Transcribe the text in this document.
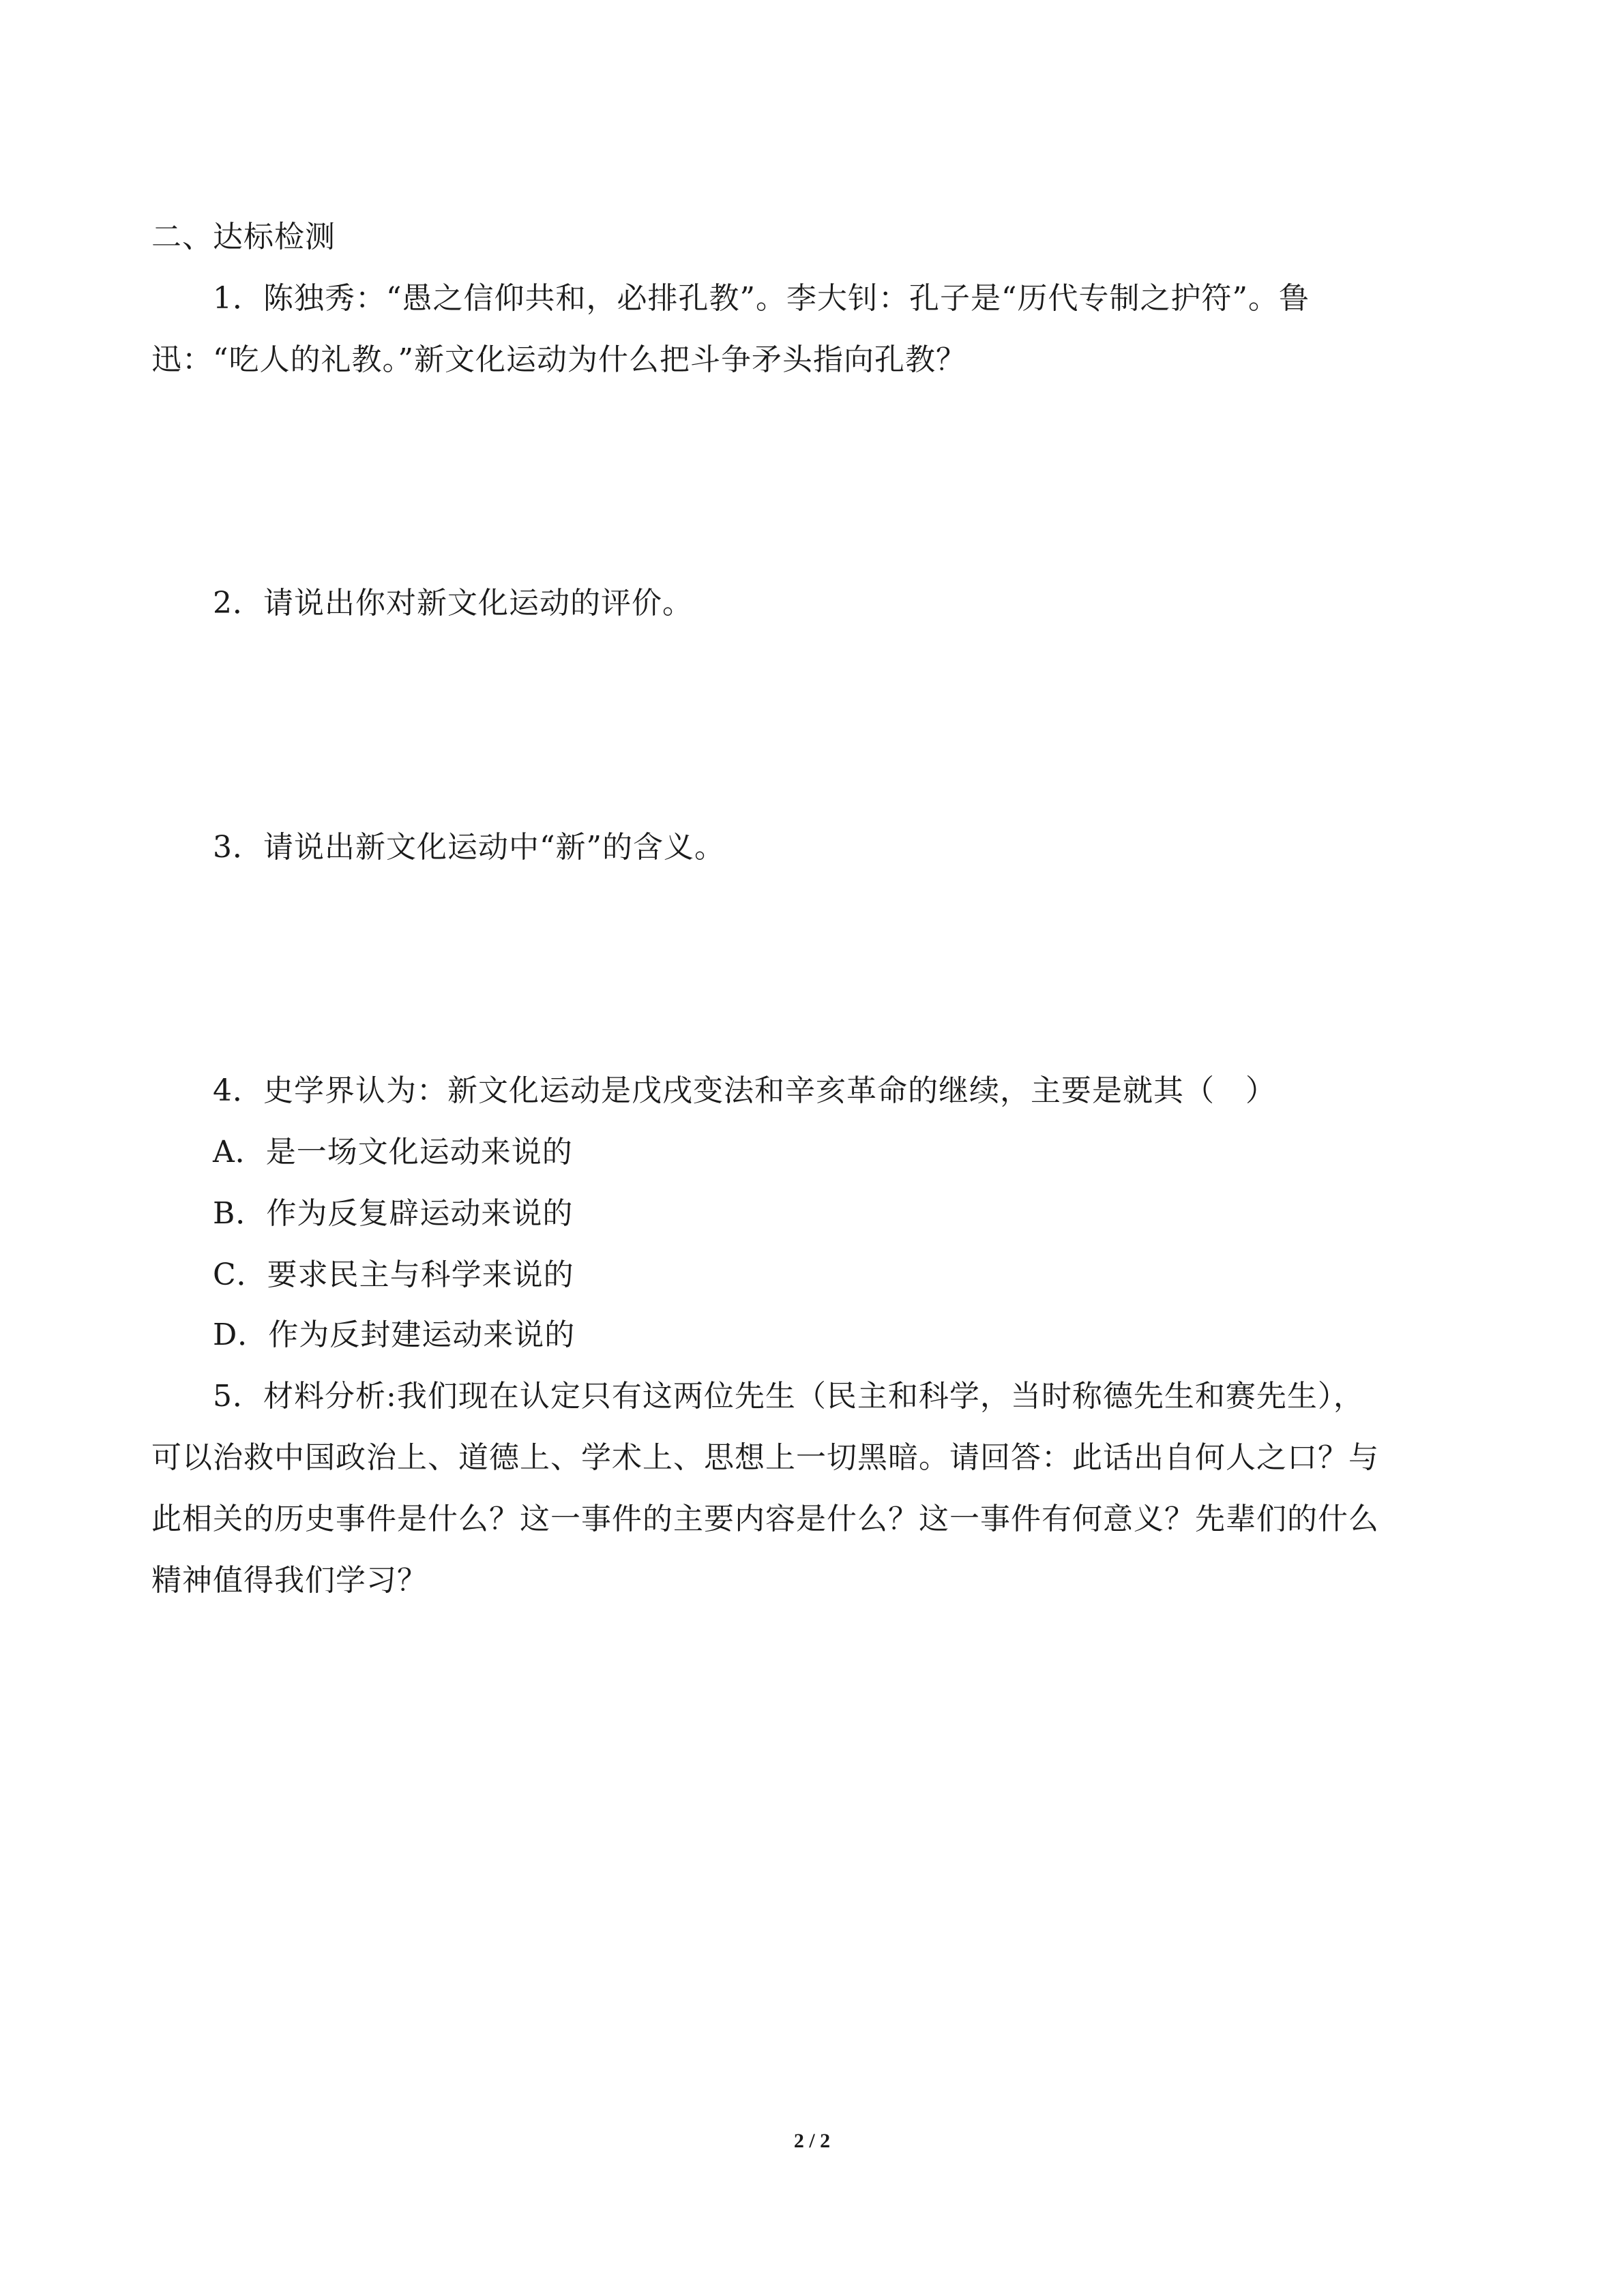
二、达标检测
1．陈独秀：“愚之信仰共和，必排孔教”。李大钊：孔子是“历代专制之护符”。鲁
迅：“吃人的礼教。”新文化运动为什么把斗争矛头指向孔教？
2．请说出你对新文化运动的评价。
3．请说出新文化运动中“新”的含义。
4．史学界认为：新文化运动是戊戌变法和辛亥革命的继续，主要是就其（　）
A．是一场文化运动来说的
B．作为反复辟运动来说的
C．要求民主与科学来说的
D．作为反封建运动来说的
5．材料分析:我们现在认定只有这两位先生（民主和科学，当时称德先生和赛先生），
可以治救中国政治上、道德上、学术上、思想上一切黑暗。请回答：此话出自何人之口？与
此相关的历史事件是什么？这一事件的主要内容是什么？这一事件有何意义？先辈们的什么
精神值得我们学习？
2 / 2
